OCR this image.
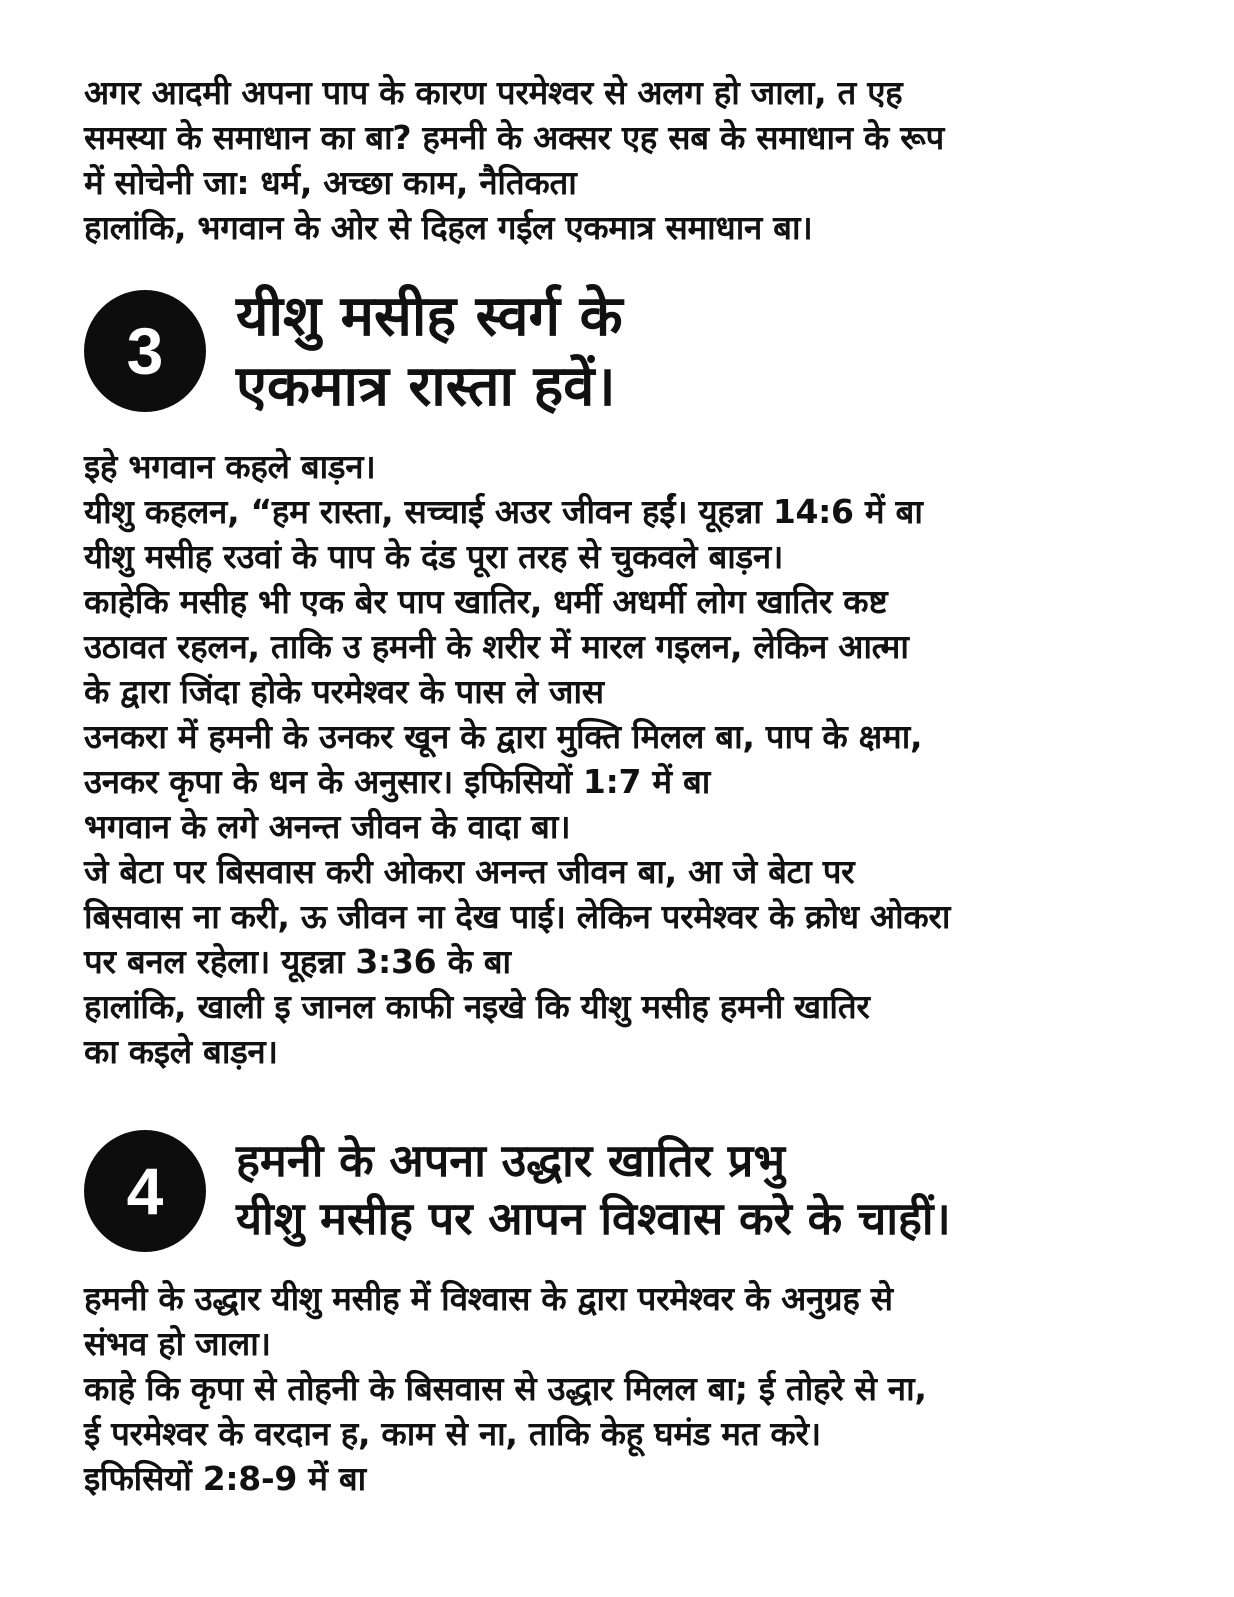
अगर आदमी अपना पाप के कारण परमेश्वर से अलग हो जाला, त एह
समस्या के समाधान का बा? हमनी के अक्सर एह सब के समाधान के रूप
में सोचेनी जा: धर्म, अच्छा काम, नैतिकता
हालांकि, भगवान के ओर से दिहल गईल एकमात्र समाधान बा।
3	यीशु मसीह स्वर्ग के
एकमात्र रास्ता हवें।
इहे भगवान कहले बाड़न।
यीशु कहलन, “हम रास्ता, सच्चाई अउर जीवन हईं। यूहन्ना 14:6 में बा
यीशु मसीह रउवां के पाप के दंड पूरा तरह से चुकवले बाड़न।
काहेकि मसीह भी एक बेर पाप खातिर, धर्मी अधर्मी लोग खातिर कष्ट
उठावत रहलन, ताकि उ हमनी के शरीर में मारल गइलन, लेकिन आत्मा
के द्वारा जिंदा होके परमेश्वर के पास ले जास
उनकरा में हमनी के उनकर खून के द्वारा मुक्ति मिलल बा, पाप के क्षमा,
उनकर कृपा के धन के अनुसार। इफिसियों 1:7 में बा
भगवान के लगे अनन्त जीवन के वादा बा।
जे बेटा पर बिसवास करी ओकरा अनन्त जीवन बा, आ जे बेटा पर
बिसवास ना करी, ऊ जीवन ना देख पाई। लेकिन परमेश्वर के क्रोध ओकरा
पर बनल रहेला। यूहन्ना 3:36 के बा
हालांकि, खाली इ जानल काफी नइखे कि यीशु मसीह हमनी खातिर
का कइले बाड़न।
4	हमनी के अपना उद्धार खातिर प्रभु
यीशु मसीह पर आपन विश्वास करे के चाहीं।
हमनी के उद्धार यीशु मसीह में विश्वास के द्वारा परमेश्वर के अनुग्रह से
संभव हो जाला।
काहे कि कृपा से तोहनी के बिसवास से उद्धार मिलल बा; ई तोहरे से ना,
ई परमेश्वर के वरदान ह, काम से ना, ताकि केहू घमंड मत करे।
इफिसियों 2:8-9 में बा
